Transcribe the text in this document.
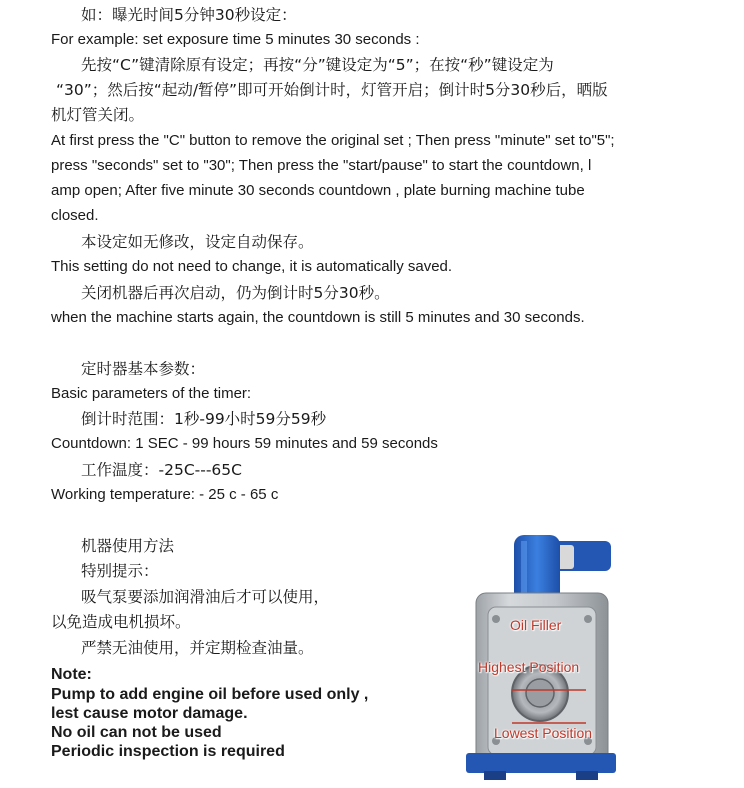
如：曝光时间5分钟30秒设定：
For example: set exposure time 5 minutes 30 seconds :
先按“C”键清除原有设定；再按“分”键设定为“5”；在按“秒”键设定为
“30”；然后按“起动/暂停”即可开始倒计时，灯管开启；倒计时5分30秒后，晒版
机灯管关闭。
At first press the "C" button to remove the original set ; Then press "minute" set to"5";
press "seconds" set to "30"; Then press the "start/pause" to start the countdown, l
amp open; After five minute 30 seconds countdown , plate burning machine tube
closed.
本设定如无修改，设定自动保存。
This setting do not need to change, it is automatically saved.
关闭机器后再次启动，仍为倒计时5分30秒。
when the machine starts again, the countdown is still 5 minutes and 30 seconds.
定时器基本参数：
Basic parameters of the timer:
倒计时范围：1秒-99小时59分59秒
Countdown: 1 SEC - 99 hours 59 minutes and 59 seconds
工作温度：-25C---65C
Working temperature: - 25 c - 65 c
机器使用方法
特别提示：
吸气泵要添加润滑油后才可以使用，
以免造成电机损坏。
严禁无油使用，并定期检查油量。
Note:
Pump to add engine oil before used only ,
lest cause motor damage.
No oil can not be used
Periodic inspection is required
Oil Filler
Highest Position
Lowest Position
